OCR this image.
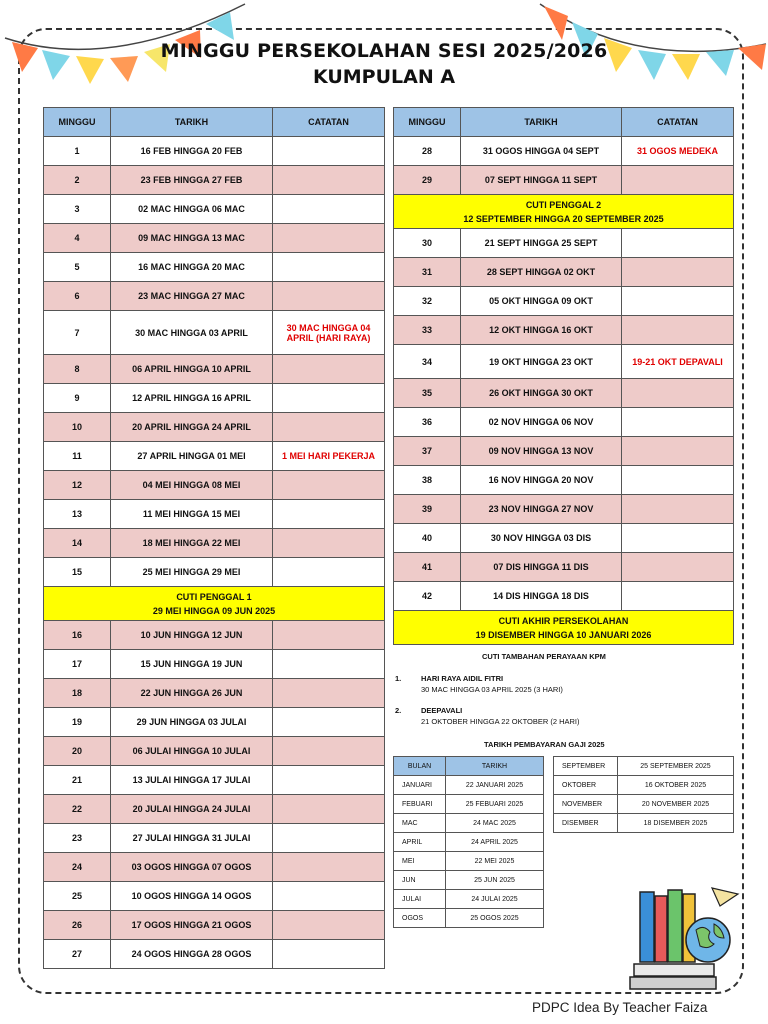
MINGGU PERSEKOLAHAN SESI 2025/2026
KUMPULAN A
MINGGU	TARIKH	CATATAN
1	16 FEB HINGGA 20 FEB	
2	23 FEB HINGGA 27 FEB	
3	02 MAC HINGGA 06 MAC	
4	09 MAC HINGGA 13 MAC	
5	16 MAC HINGGA 20 MAC	
6	23 MAC HINGGA 27 MAC	
7	30 MAC HINGGA 03 APRIL	30 MAC HINGGA 04 APRIL (HARI RAYA)
8	06 APRIL HINGGA 10 APRIL	
9	12 APRIL HINGGA 16 APRIL	
10	20 APRIL HINGGA 24 APRIL	
11	27 APRIL HINGGA 01 MEI	1 MEI HARI PEKERJA
12	04 MEI HINGGA 08 MEI	
13	11 MEI HINGGA 15 MEI	
14	18 MEI HINGGA 22 MEI	
15	25 MEI HINGGA 29 MEI	

CUTI PENGGAL 1
29 MEI HINGGA 09 JUN 2025		

16	10 JUN HINGGA 12 JUN	
17	15 JUN HINGGA 19 JUN	
18	22 JUN HINGGA 26 JUN	
19	29 JUN HINGGA 03 JULAI	
20	06 JULAI HINGGA 10 JULAI	
21	13 JULAI HINGGA 17 JULAI	
22	20 JULAI HINGGA 24 JULAI	
23	27 JULAI HINGGA 31 JULAI	
24	03 OGOS HINGGA 07 OGOS	
25	10 OGOS HINGGA 14 OGOS	
26	17 OGOS HINGGA 21 OGOS	
27	24 OGOS HINGGA 28 OGOS	
MINGGU	TARIKH	CATATAN
28	31 OGOS HINGGA 04 SEPT	31 OGOS MEDEKA
29	07 SEPT HINGGA 11 SEPT	

CUTI PENGGAL 2
12 SEPTEMBER HINGGA 20 SEPTEMBER 2025		

30	21 SEPT HINGGA 25 SEPT	
31	28 SEPT HINGGA 02 OKT	
32	05 OKT HINGGA 09 OKT	
33	12 OKT HINGGA 16 OKT	
34	19 OKT HINGGA 23 OKT	19-21 OKT DEPAVALI
35	26 OKT HINGGA 30 OKT	
36	02 NOV HINGGA 06 NOV	
37	09 NOV HINGGA 13 NOV	
38	16 NOV HINGGA 20 NOV	
39	23 NOV HINGGA 27 NOV	
40	30 NOV HINGGA 03 DIS	
41	07 DIS HINGGA 11 DIS	
42	14 DIS HINGGA 18 DIS	

CUTI AKHIR PERSEKOLAHAN
19 DISEMBER HINGGA 10 JANUARI 2026		
CUTI TAMBAHAN PERAYAAN KPM
1.	HARI RAYA AIDIL FITRI
30 MAC HINGGA 03 APRIL 2025 (3 HARI)
2.	DEEPAVALI
21 OKTOBER HINGGA 22 OKTOBER (2 HARI)
TARIKH PEMBAYARAN GAJI 2025
BULAN	TARIKH
JANUARI	22 JANUARI 2025
FEBUARI	25 FEBUARI 2025
MAC	24 MAC 2025
APRIL	24 APRIL 2025
MEI	22 MEI 2025
JUN	25 JUN 2025
JULAI	24 JULAI 2025
OGOS	25 OGOS 2025
SEPTEMBER	25 SEPTEMBER 2025
OKTOBER	16 OKTOBER 2025
NOVEMBER	20 NOVEMBER 2025
DISEMBER	18 DISEMBER 2025
PDPC Idea By Teacher Faiza
